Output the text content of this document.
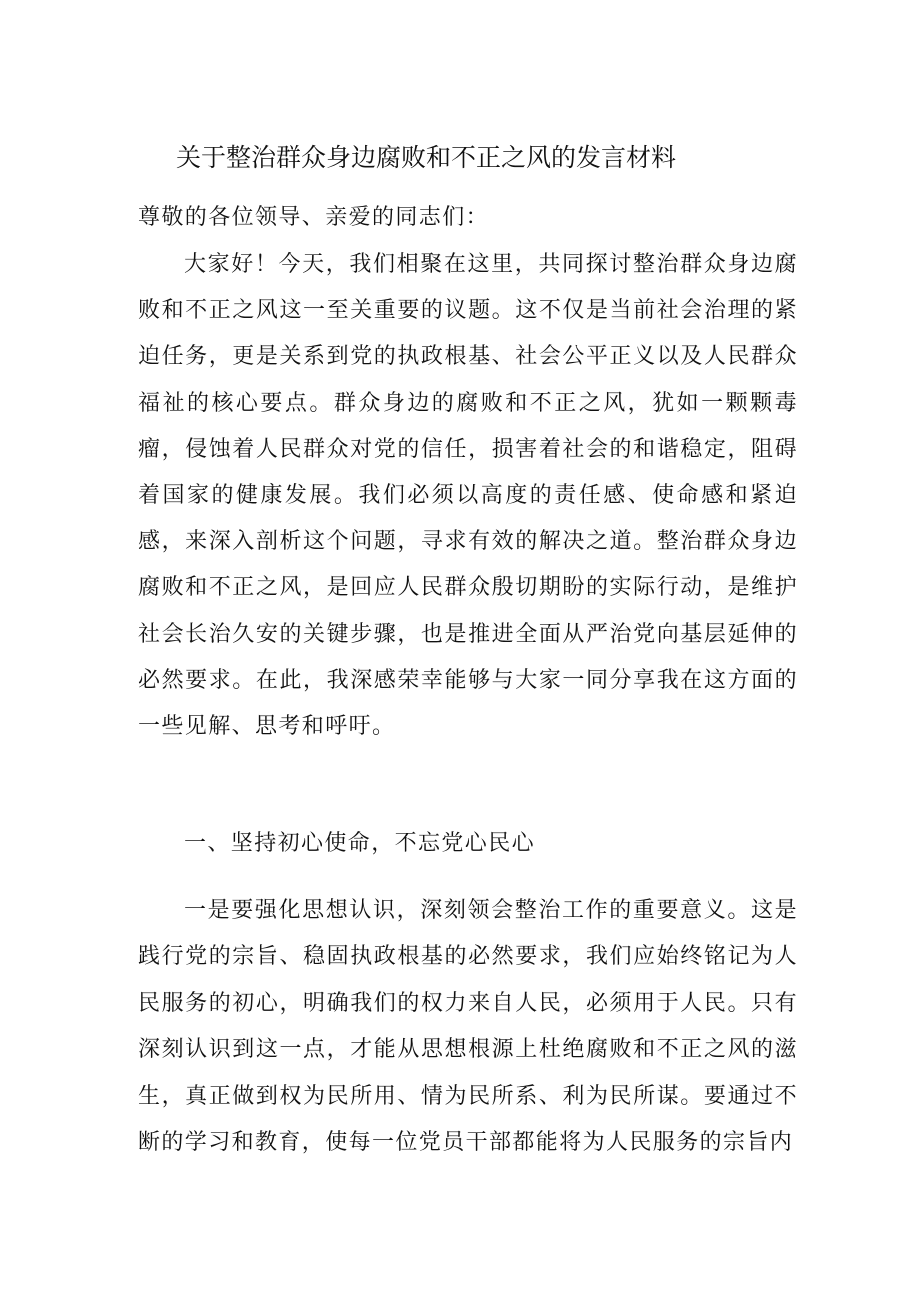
关于整治群众身边腐败和不正之风的发言材料
尊敬的各位领导、亲爱的同志们：
大家好！今天，我们相聚在这里，共同探讨整治群众身边腐败和不正之风这一至关重要的议题。这不仅是当前社会治理的紧迫任务，更是关系到党的执政根基、社会公平正义以及人民群众福祉的核心要点。群众身边的腐败和不正之风，犹如一颗颗毒瘤，侵蚀着人民群众对党的信任，损害着社会的和谐稳定，阻碍着国家的健康发展。我们必须以高度的责任感、使命感和紧迫感，来深入剖析这个问题，寻求有效的解决之道。整治群众身边腐败和不正之风，是回应人民群众殷切期盼的实际行动，是维护社会长治久安的关键步骤，也是推进全面从严治党向基层延伸的必然要求。在此，我深感荣幸能够与大家一同分享我在这方面的一些见解、思考和呼吁。
一、坚持初心使命，不忘党心民心
一是要强化思想认识，深刻领会整治工作的重要意义。这是践行党的宗旨、稳固执政根基的必然要求，我们应始终铭记为人民服务的初心，明确我们的权力来自人民，必须用于人民。只有深刻认识到这一点，才能从思想根源上杜绝腐败和不正之风的滋生，真正做到权为民所用、情为民所系、利为民所谋。要通过不断的学习和教育，使每一位党员干部都能将为人民服务的宗旨内
